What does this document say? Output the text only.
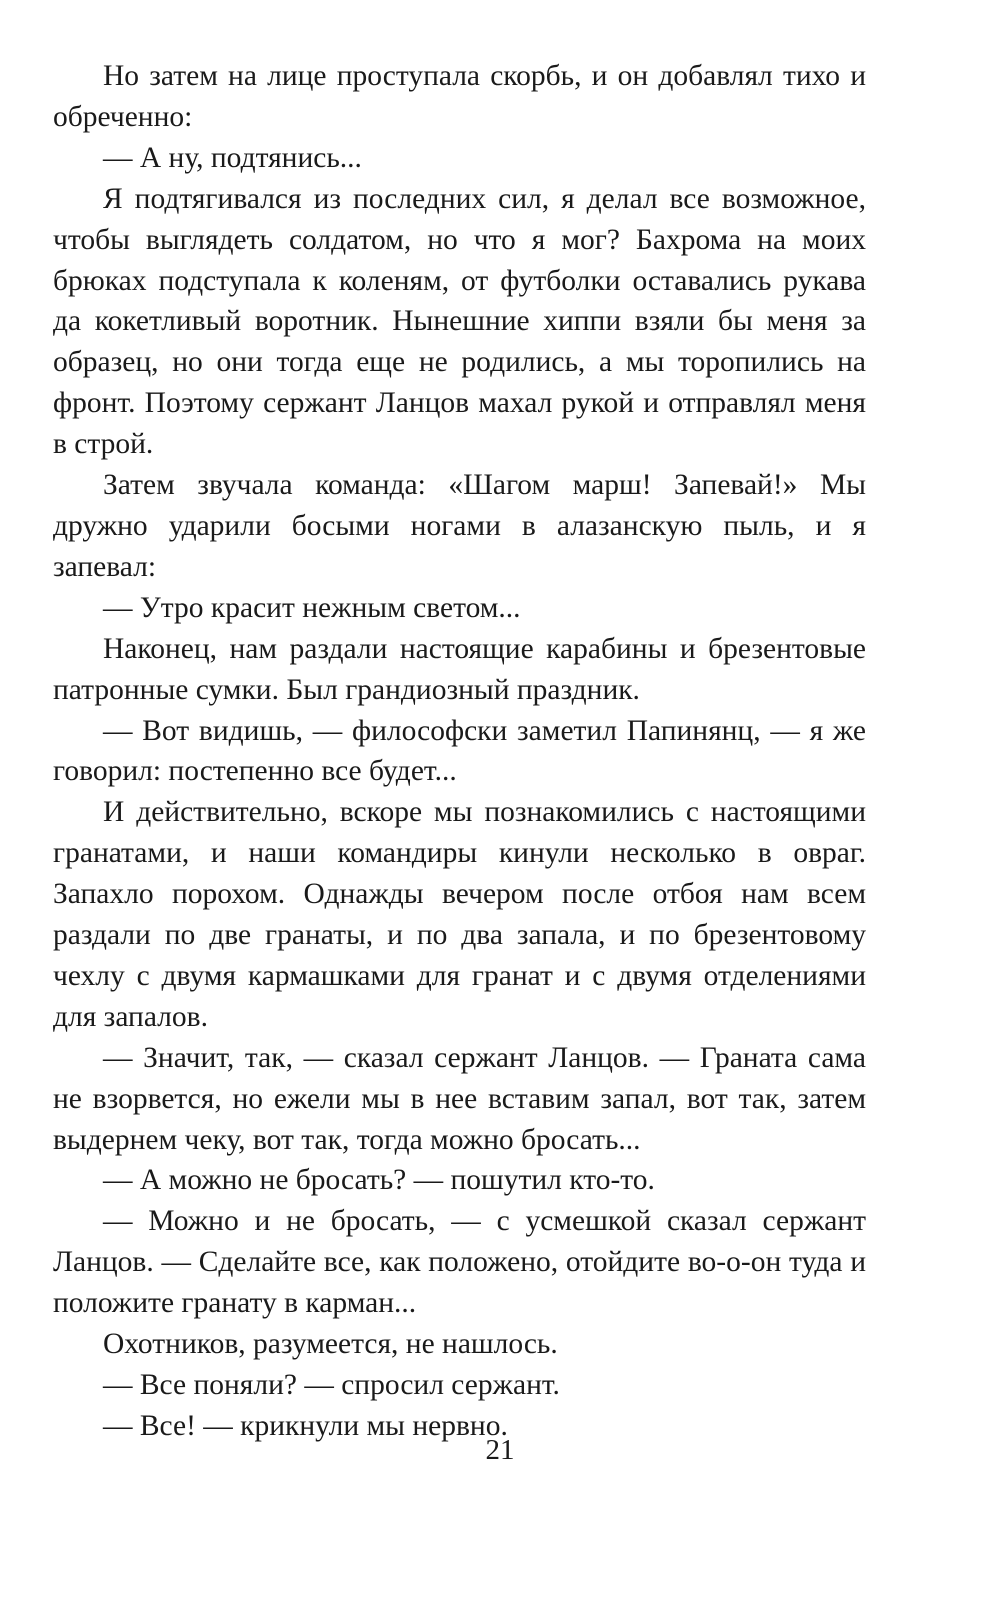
Но затем на лице проступала скорбь, и он добавлял тихо и обреченно:

— А ну, подтянись...

Я подтягивался из последних сил, я делал все возможное, чтобы выглядеть солдатом, но что я мог? Бахрома на моих брюках подступала к коленям, от футболки оставались рукава да кокетливый воротник. Нынешние хиппи взяли бы меня за образец, но они тогда еще не родились, а мы торопились на фронт. Поэтому сержант Ланцов махал рукой и отправлял меня в строй.

Затем звучала команда: «Шагом марш! Запевай!» Мы дружно ударили босыми ногами в алазанскую пыль, и я запевал:

— Утро красит нежным светом...

Наконец, нам раздали настоящие карабины и брезентовые патронные сумки. Был грандиозный праздник.

— Вот видишь, — философски заметил Папинянц, — я же говорил: постепенно все будет...

И действительно, вскоре мы познакомились с настоящими гранатами, и наши командиры кинули несколько в овраг. Запахло порохом. Однажды вечером после отбоя нам всем раздали по две гранаты, и по два запала, и по брезентовому чехлу с двумя кармашками для гранат и с двумя отделениями для запалов.

— Значит, так, — сказал сержант Ланцов. — Граната сама не взорвется, но ежели мы в нее вставим запал, вот так, затем выдернем чеку, вот так, тогда можно бросать...

— А можно не бросать? — пошутил кто-то.

— Можно и не бросать, — с усмешкой сказал сержант Ланцов. — Сделайте все, как положено, отойдите во-о-он туда и положите гранату в карман...

Охотников, разумеется, не нашлось.

— Все поняли? — спросил сержант.

— Все! — крикнули мы нервно.

21
